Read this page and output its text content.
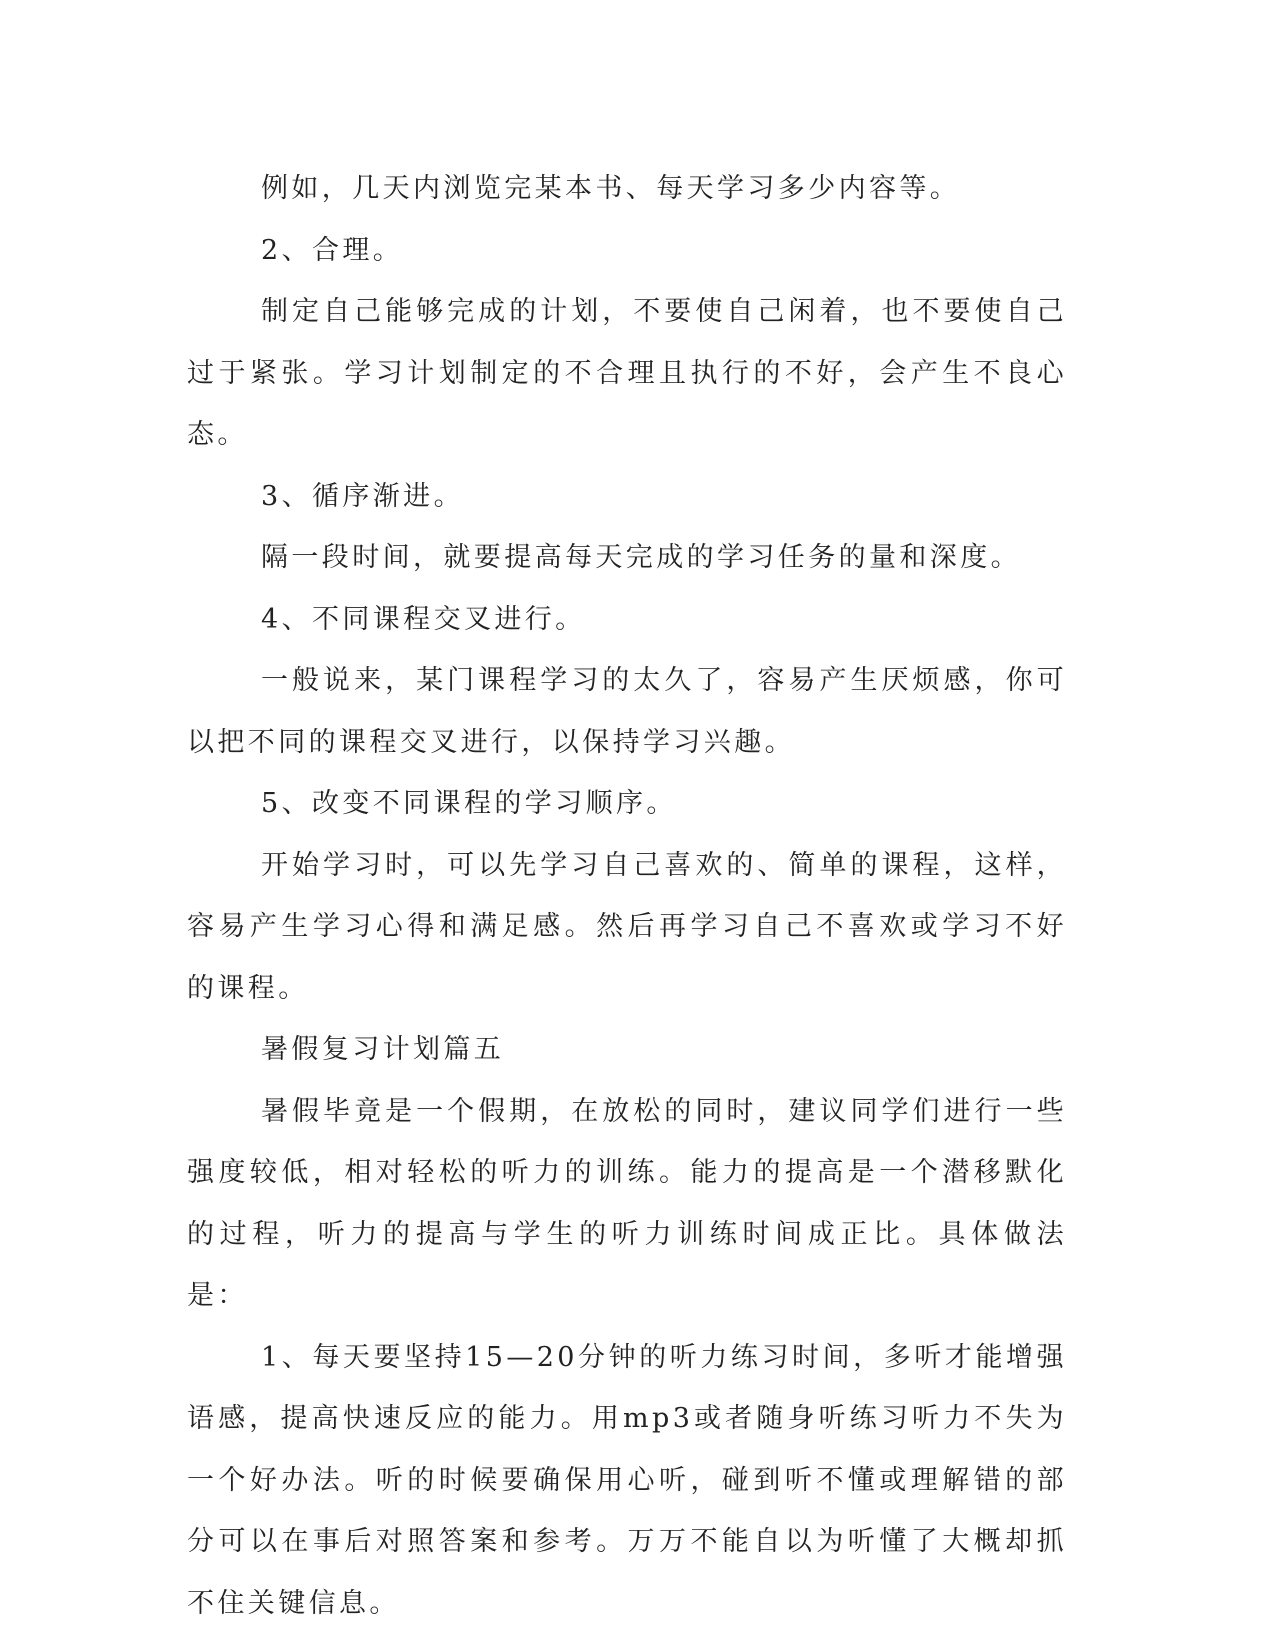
例如，几天内浏览完某本书、每天学习多少内容等。

2、合理。

制定自己能够完成的计划，不要使自己闲着，也不要使自己过于紧张。学习计划制定的不合理且执行的不好，会产生不良心态。

3、循序渐进。

隔一段时间，就要提高每天完成的学习任务的量和深度。

4、不同课程交叉进行。

一般说来，某门课程学习的太久了，容易产生厌烦感，你可以把不同的课程交叉进行，以保持学习兴趣。

5、改变不同课程的学习顺序。

开始学习时，可以先学习自己喜欢的、简单的课程，这样，容易产生学习心得和满足感。然后再学习自己不喜欢或学习不好的课程。

暑假复习计划篇五

暑假毕竟是一个假期，在放松的同时，建议同学们进行一些强度较低，相对轻松的听力的训练。能力的提高是一个潜移默化的过程，听力的提高与学生的听力训练时间成正比。具体做法是：

1、每天要坚持15—20分钟的听力练习时间，多听才能增强语感，提高快速反应的能力。用mp3或者随身听练习听力不失为一个好办法。听的时候要确保用心听，碰到听不懂或理解错的部分可以在事后对照答案和参考。万万不能自以为听懂了大概却抓不住关键信息。
